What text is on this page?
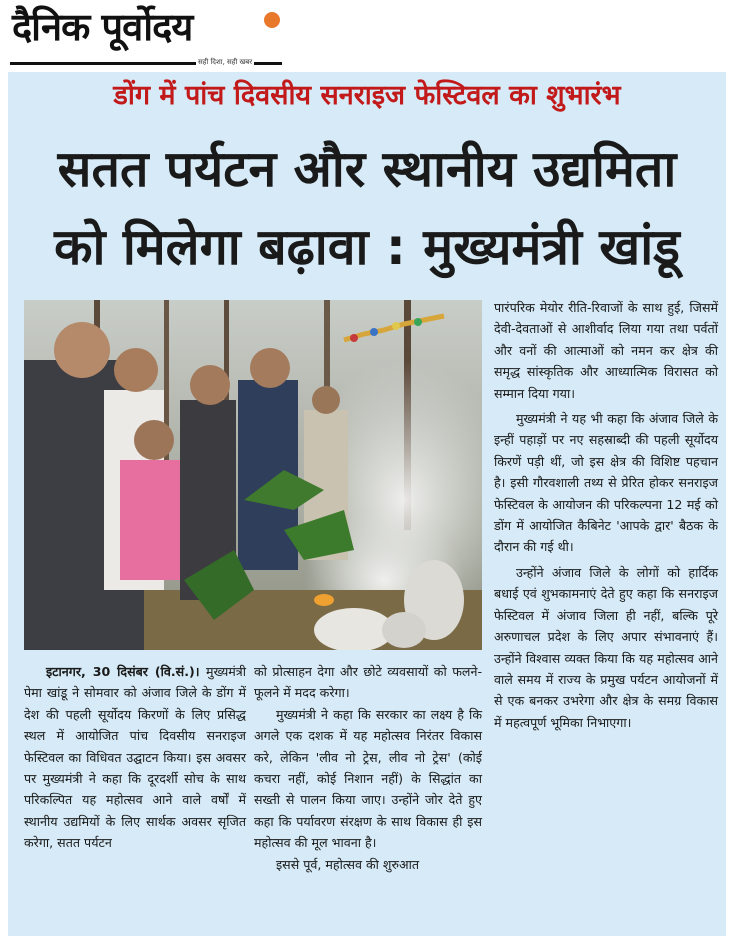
दैनिक पूर्वोदय
सही दिशा, सही खबर
डोंग में पांच दिवसीय सनराइज फेस्टिवल का शुभारंभ
सतत पर्यटन और स्थानीय उद्यमिता
को मिलेगा बढ़ावा : मुख्यमंत्री खांडू

इटानगर, 30 दिसंबर (वि.सं.)। मुख्यमंत्री पेमा खांडू ने सोमवार को अंजाव जिले के डोंग में देश की पहली सूर्योदय किरणों के लिए प्रसिद्ध स्थल में आयोजित पांच दिवसीय सनराइज फेस्टिवल का विधिवत उद्घाटन किया। इस अवसर पर मुख्यमंत्री ने कहा कि दूरदर्शी सोच के साथ परिकल्पित यह महोत्सव आने वाले वर्षों में स्थानीय उद्यमियों के लिए सार्थक अवसर सृजित करेगा, सतत पर्यटन

को प्रोत्साहन देगा और छोटे व्यवसायों को फलने-फूलने में मदद करेगा।

मुख्यमंत्री ने कहा कि सरकार का लक्ष्य है कि अगले एक दशक में यह महोत्सव निरंतर विकास करे, लेकिन 'लीव नो ट्रेस, लीव नो ट्रेस' (कोई कचरा नहीं, कोई निशान नहीं) के सिद्धांत का सख्ती से पालन किया जाए। उन्होंने जोर देते हुए कहा कि पर्यावरण संरक्षण के साथ विकास ही इस महोत्सव की मूल भावना है।

इससे पूर्व, महोत्सव की शुरुआत

पारंपरिक मेयोर रीति-रिवाजों के साथ हुई, जिसमें देवी-देवताओं से आशीर्वाद लिया गया तथा पर्वतों और वनों की आत्माओं को नमन कर क्षेत्र की समृद्ध सांस्कृतिक और आध्यात्मिक विरासत को सम्मान दिया गया।

मुख्यमंत्री ने यह भी कहा कि अंजाव जिले के इन्हीं पहाड़ों पर नए सहस्राब्दी की पहली सूर्योदय किरणें पड़ी थीं, जो इस क्षेत्र की विशिष्ट पहचान है। इसी गौरवशाली तथ्य से प्रेरित होकर सनराइज फेस्टिवल के आयोजन की परिकल्पना 12 मई को डोंग में आयोजित कैबिनेट 'आपके द्वार' बैठक के दौरान की गई थी।

उन्होंने अंजाव जिले के लोगों को हार्दिक बधाई एवं शुभकामनाएं देते हुए कहा कि सनराइज फेस्टिवल में अंजाव जिला ही नहीं, बल्कि पूरे अरुणाचल प्रदेश के लिए अपार संभावनाएं हैं। उन्होंने विश्वास व्यक्त किया कि यह महोत्सव आने वाले समय में राज्य के प्रमुख पर्यटन आयोजनों में से एक बनकर उभरेगा और क्षेत्र के समग्र विकास में महत्वपूर्ण भूमिका निभाएगा।
